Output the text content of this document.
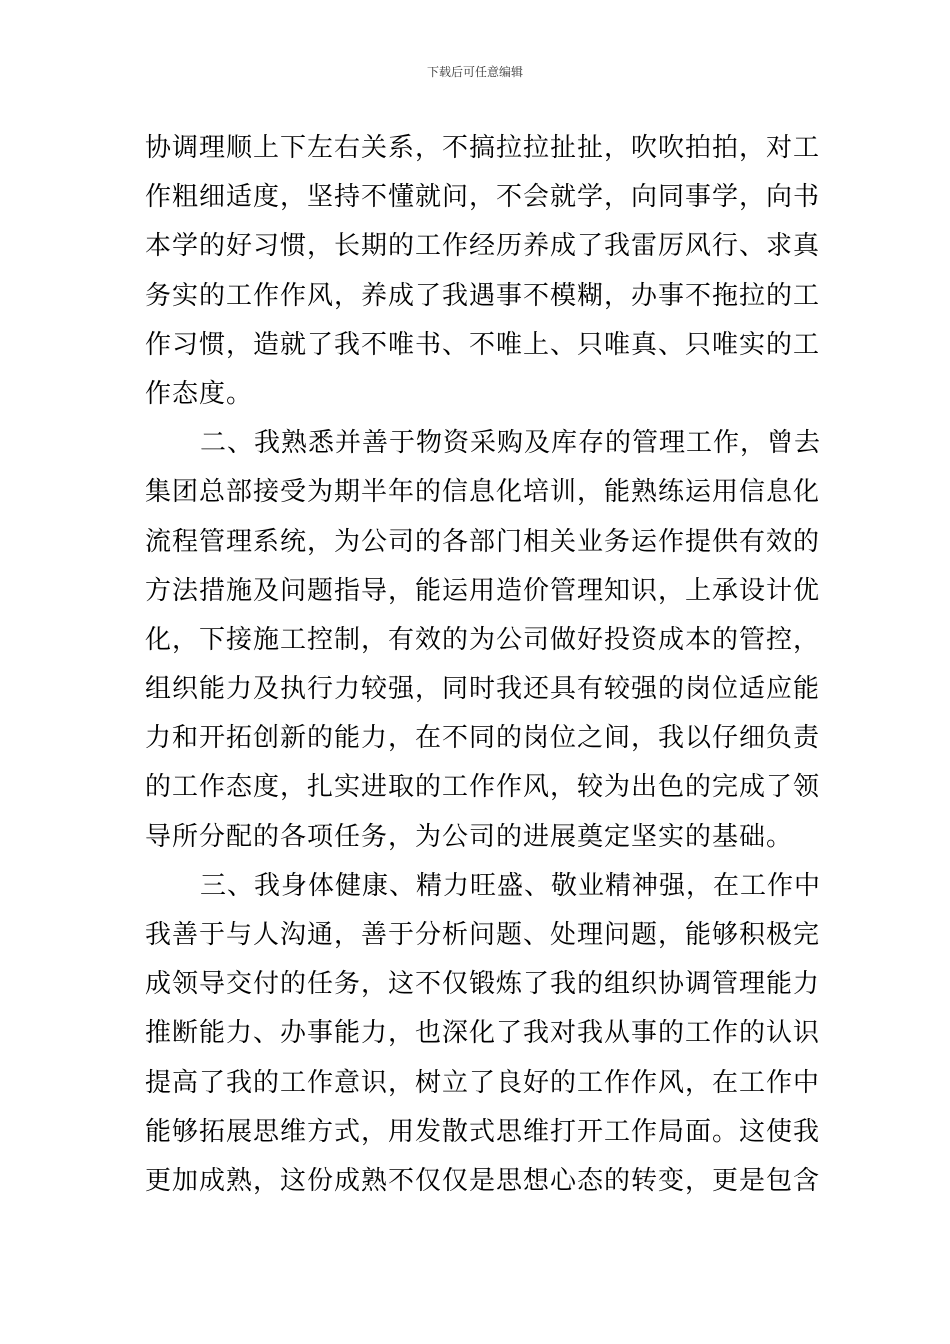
下载后可任意编辑
协调理顺上下左右关系，不搞拉拉扯扯，吹吹拍拍，对工
作粗细适度，坚持不懂就问，不会就学，向同事学，向书
本学的好习惯，长期的工作经历养成了我雷厉风行、求真
务实的工作作风，养成了我遇事不模糊，办事不拖拉的工
作习惯，造就了我不唯书、不唯上、只唯真、只唯实的工
作态度。
二、我熟悉并善于物资采购及库存的管理工作，曾去
集团总部接受为期半年的信息化培训，能熟练运用信息化
流程管理系统，为公司的各部门相关业务运作提供有效的
方法措施及问题指导，能运用造价管理知识，上承设计优
化，下接施工控制，有效的为公司做好投资成本的管控，
组织能力及执行力较强，同时我还具有较强的岗位适应能
力和开拓创新的能力，在不同的岗位之间，我以仔细负责
的工作态度，扎实进取的工作作风，较为出色的完成了领
导所分配的各项任务，为公司的进展奠定坚实的基础。
三、我身体健康、精力旺盛、敬业精神强，在工作中
我善于与人沟通，善于分析问题、处理问题，能够积极完
成领导交付的任务，这不仅锻炼了我的组织协调管理能力
推断能力、办事能力，也深化了我对我从事的工作的认识
提高了我的工作意识，树立了良好的工作作风，在工作中
能够拓展思维方式，用发散式思维打开工作局面。这使我
更加成熟，这份成熟不仅仅是思想心态的转变，更是包含
